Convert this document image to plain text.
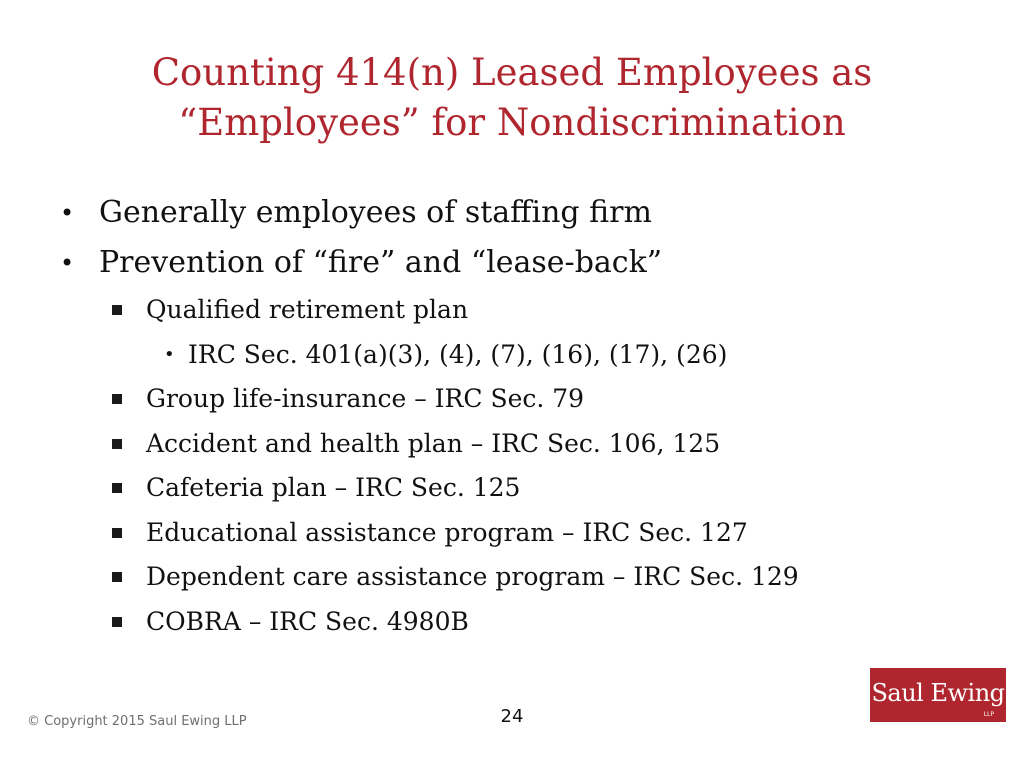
Counting 414(n) Leased Employees as
“Employees” for Nondiscrimination
• Generally employees of staffing firm
• Prevention of “fire” and “lease-back”
Qualified retirement plan
• IRC Sec. 401(a)(3), (4), (7), (16), (17), (26)
Group life-insurance – IRC Sec. 79
Accident and health plan – IRC Sec. 106, 125
Cafeteria plan – IRC Sec. 125
Educational assistance program – IRC Sec. 127
Dependent care assistance program – IRC Sec. 129
COBRA – IRC Sec. 4980B
© Copyright 2015 Saul Ewing LLP	24
Saul Ewing
LLP
